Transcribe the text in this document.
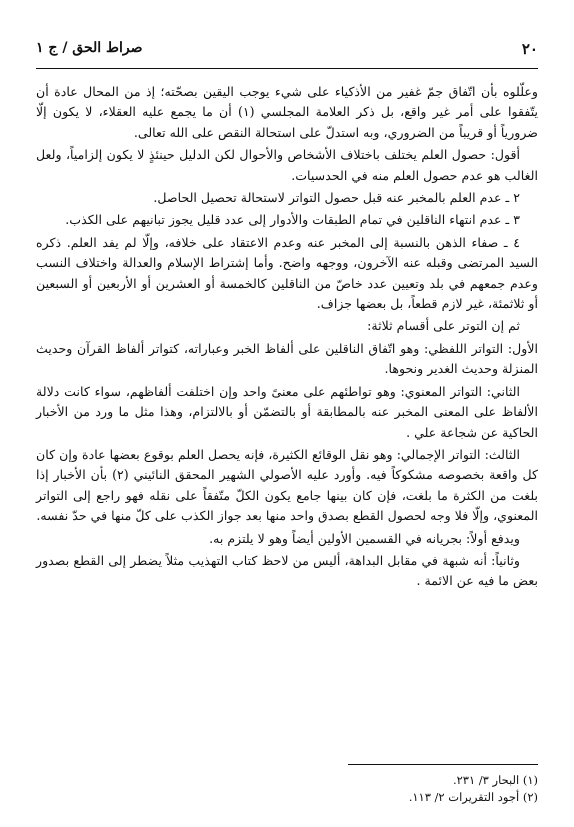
٢٠
صراط الحق / ج ١

وعلّلوه بأن اتّفاق جمّ غفير من الأذكياء على شيء يوجب اليقين بصحّته؛ إذ من المحال عادة أن يتّفقوا على أمر غير واقع، بل ذكر العلامة المجلسي (١) أن ما يجمع عليه العقلاء، لا يكون إلّا ضرورياً أو قريباً من الضروري، وبه استدلّ على استحالة النقص على الله تعالى.

أقول: حصول العلم يختلف باختلاف الأشخاص والأحوال لكن الدليل حينئذٍ لا يكون إلزامياً، ولعل الغالب هو عدم حصول العلم منه في الحدسيات.

٢ ـ عدم العلم بالمخبر عنه قبل حصول التواتر لاستحالة تحصيل الحاصل.

٣ ـ عدم انتهاء الناقلين في تمام الطبقات والأدوار إلى عدد قليل يجوز تبانيهم على الكذب.

٤ ـ صفاء الذهن بالنسبة إلى المخبر عنه وعدم الاعتقاد على خلافه، وإلّا لم يفد العلم. ذكره السيد المرتضى وقبله عنه الآخرون، ووجهه واضح. وأما إشتراط الإسلام والعدالة واختلاف النسب وعدم جمعهم في بلد وتعيين عدد خاصّ من الناقلين كالخمسة أو العشرين أو الأربعين أو السبعين أو ثلاثمئة، غير لازم قطعاً، بل بعضها جزاف.

ثم إن التوتر على أقسام ثلاثة:

الأول: التواتر اللفظي: وهو اتّفاق الناقلين على ألفاظ الخبر وعباراته، كتواتر ألفاظ القرآن وحديث المنزلة وحديث الغدير ونحوها.

الثاني: التواتر المعنوي: وهو تواطئهم على معنىً واحد وإن اختلفت ألفاظهم، سواء كانت دلالة الألفاظ على المعنى المخبر عنه بالمطابقة أو بالتضمّن أو بالالتزام، وهذا مثل ما ورد من الأخبار الحاكية عن شجاعة علي .

الثالث: التواتر الإجمالي: وهو نقل الوقائع الكثيرة، فإنه يحصل العلم بوقوع بعضها عادة وإن كان كل واقعة بخصوصه مشكوكاً فيه. وأورد عليه الأصولي الشهير المحقق النائيني (٢) بأن الأخبار إذا بلغت من الكثرة ما بلغت، فإن كان بينها جامع يكون الكلّ متّفقاً على نقله فهو راجع إلى التواتر المعنوي، وإلّا فلا وجه لحصول القطع بصدق واحد منها بعد جواز الكذب على كلّ منها في حدّ نفسه.

ويدفع أولاً: بجريانه في القسمين الأولين أيضاً وهو لا يلتزم به.

وثانياً: أنه شبهة في مقابل البداهة، أليس من لاحظ كتاب التهذيب مثلاً يضطر إلى القطع بصدور بعض ما فيه عن الائمة .

(١) البحار ٣/ ٢٣١.
(٢) أجود التقريرات ٢/ ١١٣.
